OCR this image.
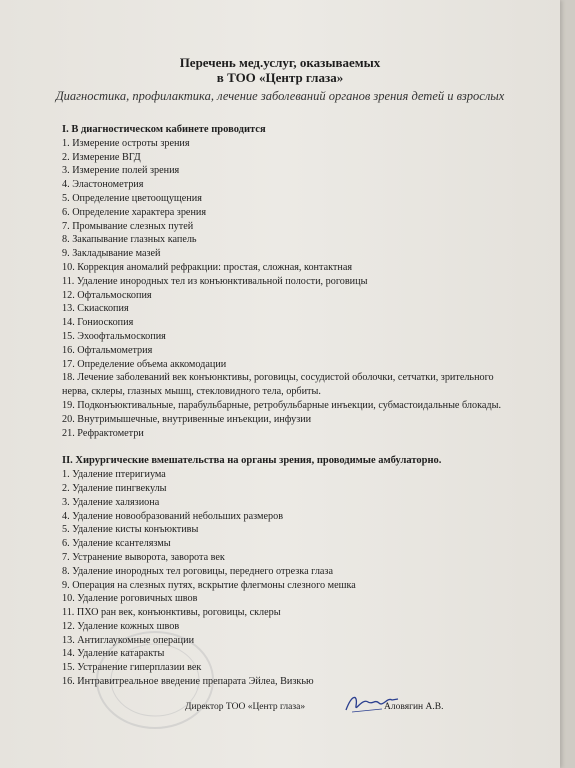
Перечень мед.услуг, оказываемых
в ТОО «Центр глаза»
Диагностика, профилактика, лечение заболеваний органов зрения детей и взрослых
I. В диагностическом кабинете проводится
1. Измерение остроты зрения
2. Измерение ВГД
3. Измерение полей зрения
4. Эластонометрия
5. Определение цветоощущения
6. Определение характера зрения
7. Промывание слезных путей
8. Закапывание глазных капель
9. Закладывание мазей
10. Коррекция аномалий рефракции: простая, сложная, контактная
11. Удаление инородных тел из конъюнктивальной полости, роговицы
12. Офтальмоскопия
13. Скиаскопия
14. Гониоскопия
15. Эхоофтальмоскопия
16. Офтальмометрия
17. Определение объема аккомодации
18. Лечение заболеваний век конъюнктивы, роговицы, сосудистой оболочки, сетчатки, зрительного нерва, склеры, глазных мышц, стекловидного тела, орбиты.
19. Подконъюктивальные, парабульбарные, ретробульбарные инъекции, субмастоидальные блокады.
20. Внутримышечные, внутривенные инъекции, инфузии
21. Рефрактометри
II. Хирургические вмешательства на органы зрения, проводимые амбулаторно.
1. Удаление птеригиума
2. Удаление пингвекулы
3. Удаление халязиона
4. Удаление новообразований небольших размеров
5. Удаление кисты конъюктивы
6. Удаление ксантелязмы
7. Устранение выворота, заворота век
8. Удаление инородных тел роговицы, переднего отрезка глаза
9. Операция на слезных путях, вскрытие флегмоны слезного мешка
10. Удаление роговичных швов
11. ПХО ран век, конъюнктивы, роговицы, склеры
12. Удаление кожных швов
13. Антиглаукомные операции
14. Удаление катаракты
15. Устранение гиперплазии век
16. Интравитреальное введение препарата Эйлеа, Визкью
Директор ТОО «Центр глаза»	Аловягин А.В.
